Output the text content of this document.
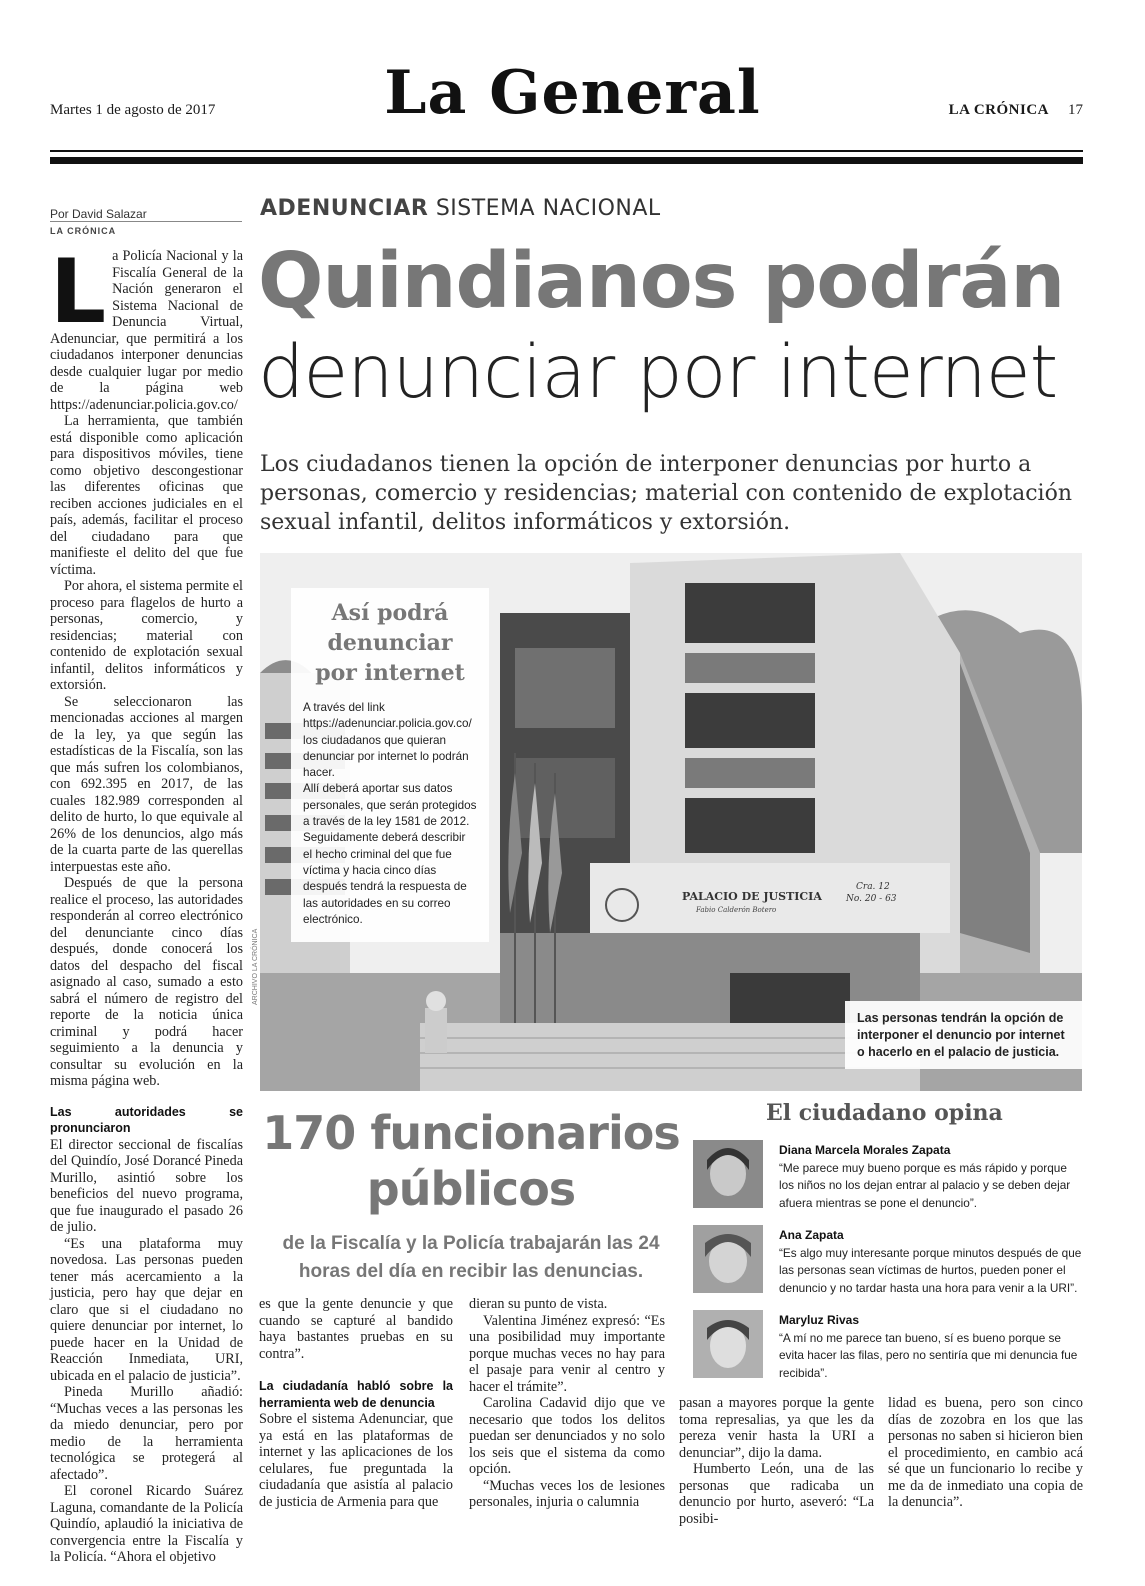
Martes 1 de agosto de 2017	La General	LA CRÓNICA 17
Por David Salazar
LA CRÓNICA

La Policía Nacional y la Fiscalía General de la Nación generaron el Sistema Nacional de Denuncia Virtual, Adenunciar, que permitirá a los ciudadanos interponer denuncias desde cualquier lugar por medio de la página web https://adenunciar.policia.gov.co/

La herramienta, que también está disponible como aplicación para dispositivos móviles, tiene como objetivo descongestionar las diferentes oficinas que reciben acciones judiciales en el país, además, facilitar el proceso del ciudadano para que manifieste el delito del que fue víctima.

Por ahora, el sistema permite el proceso para flagelos de hurto a personas, comercio, y residencias; material con contenido de explotación sexual infantil, delitos informáticos y extorsión.

Se seleccionaron las mencionadas acciones al margen de la ley, ya que según las estadísticas de la Fiscalía, son las que más sufren los colombianos, con 692.395 en 2017, de las cuales 182.989 corresponden al delito de hurto, lo que equivale al 26% de los denuncios, algo más de la cuarta parte de las querellas interpuestas este año.

Después de que la persona realice el proceso, las autoridades responderán al correo electrónico del denunciante cinco días después, donde conocerá los datos del despacho del fiscal asignado al caso, sumado a esto sabrá el número de registro del reporte de la noticia única criminal y podrá hacer seguimiento a la denuncia y consultar su evolución en la misma página web.

Las autoridades se pronunciaron

El director seccional de fiscalías del Quindío, José Dorancé Pineda Murillo, asintió sobre los beneficios del nuevo programa, que fue inaugurado el pasado 26 de julio.

“Es una plataforma muy novedosa. Las personas pueden tener más acercamiento a la justicia, pero hay que dejar en claro que si el ciudadano no quiere denunciar por internet, lo puede hacer en la Unidad de Reacción Inmediata, URI, ubicada en el palacio de justicia”.

Pineda Murillo añadió: “Muchas veces a las personas les da miedo denunciar, pero por medio de la herramienta tecnológica se protegerá al afectado”.

El coronel Ricardo Suárez Laguna, comandante de la Policía Quindío, aplaudió la iniciativa de convergencia entre la Fiscalía y la Policía. “Ahora el objetivo

ADENUNCIAR SISTEMA NACIONAL
Quindianos podrán
denunciar por internet
Los ciudadanos tienen la opción de interponer denuncias por hurto a personas, comercio y residencias; material con contenido de explotación sexual infantil, delitos informáticos y extorsión.
PALACIO DE JUSTICIA
Fabio Calderón Botero
Cra. 12
No. 20 - 63
ARCHIVO LA CRÓNICA
Así podrá denunciar por internet

A través del link https://adenunciar.policia.gov.co/ los ciudadanos que quieran denunciar por internet lo podrán hacer.

Allí deberá aportar sus datos personales, que serán protegidos a través de la ley 1581 de 2012. Seguidamente deberá describir el hecho criminal del que fue víctima y hacia cinco días después tendrá la respuesta de las autoridades en su correo electrónico.

Las personas tendrán la opción de interponer el denuncio por internet o hacerlo en el palacio de justicia.
170 funcionarios públicos
de la Fiscalía y la Policía trabajarán las 24 horas del día en recibir las denuncias.

es que la gente denuncie y que cuando se capturé al bandido haya bastantes pruebas en su contra”.

La ciudadanía habló sobre la herramienta web de denuncia

Sobre el sistema Adenunciar, que ya está en las plataformas de internet y las aplicaciones de los celulares, fue preguntada la ciudadanía que asistía al palacio de justicia de Armenia para que

dieran su punto de vista.

Valentina Jiménez expresó: “Es una posibilidad muy importante porque muchas veces no hay para el pasaje para venir al centro y hacer el trámite”.

Carolina Cadavid dijo que ve necesario que todos los delitos puedan ser denunciados y no solo los seis que el sistema da como opción.

“Muchas veces los de lesiones personales, injuria o calumnia

pasan a mayores porque la gente toma represalias, ya que les da pereza venir hasta la URI a denunciar”, dijo la dama.

Humberto León, una de las personas que radicaba un denuncio por hurto, aseveró: “La posibi-

lidad es buena, pero son cinco días de zozobra en los que las personas no saben si hicieron bien el procedimiento, en cambio acá sé que un funcionario lo recibe y me da de inmediato una copia de la denuncia”.

El ciudadano opina
Diana Marcela Morales Zapata
“Me parece muy bueno porque es más rápido y porque los niños no los dejan entrar al palacio y se deben dejar afuera mientras se pone el denuncio”.
Ana Zapata
“Es algo muy interesante porque minutos después de que las personas sean víctimas de hurtos, pueden poner el denuncio y no tardar hasta una hora para venir a la URI”.
Maryluz Rivas
“A mí no me parece tan bueno, sí es bueno porque se evita hacer las filas, pero no sentiría que mi denuncia fue recibida”.
